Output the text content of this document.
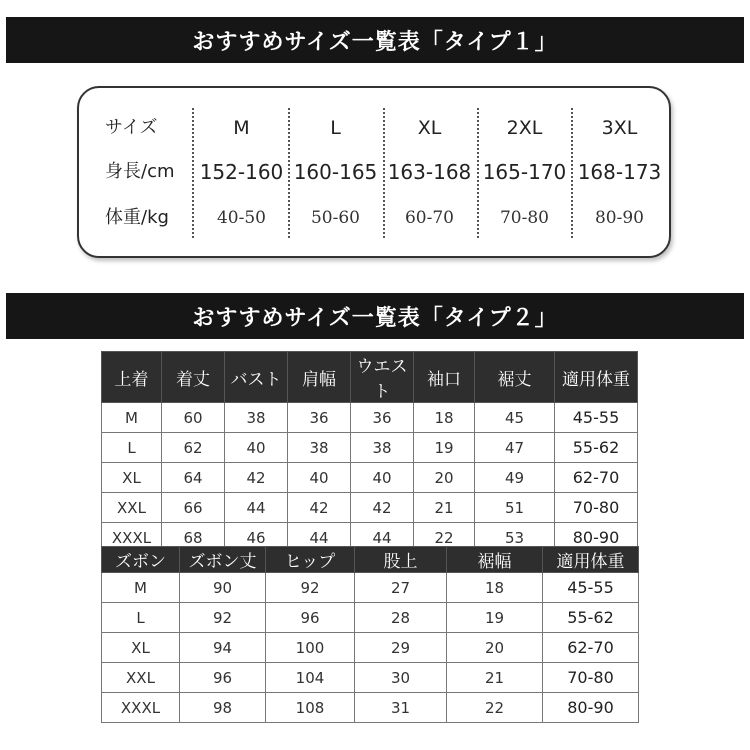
おすすめサイズ一覧表「タイプ１」
サイズ	M	L	XL	2XL	3XL
身長/cm 152-160 160-165 163-168 165-170 168-173
体重/kg	40-50	50-60	60-70	70-80	80-90
おすすめサイズ一覧表「タイプ２」
上着	着丈	バスト	肩幅	ウエスト	袖口	裾丈	適用体重
M	60	38	36	36	18	45	45-55
L	62	40	38	38	19	47	55-62
XL	64	42	40	40	20	49	62-70
XXL	66	44	42	42	21	51	70-80
XXXL	68	46	44	44	22	53	80-90
ズボン	ズボン丈	ヒップ	股上	裾幅	適用体重
M	90	92	27	18	45-55
L	92	96	28	19	55-62
XL	94	100	29	20	62-70
XXL	96	104	30	21	70-80
XXXL	98	108	31	22	80-90
